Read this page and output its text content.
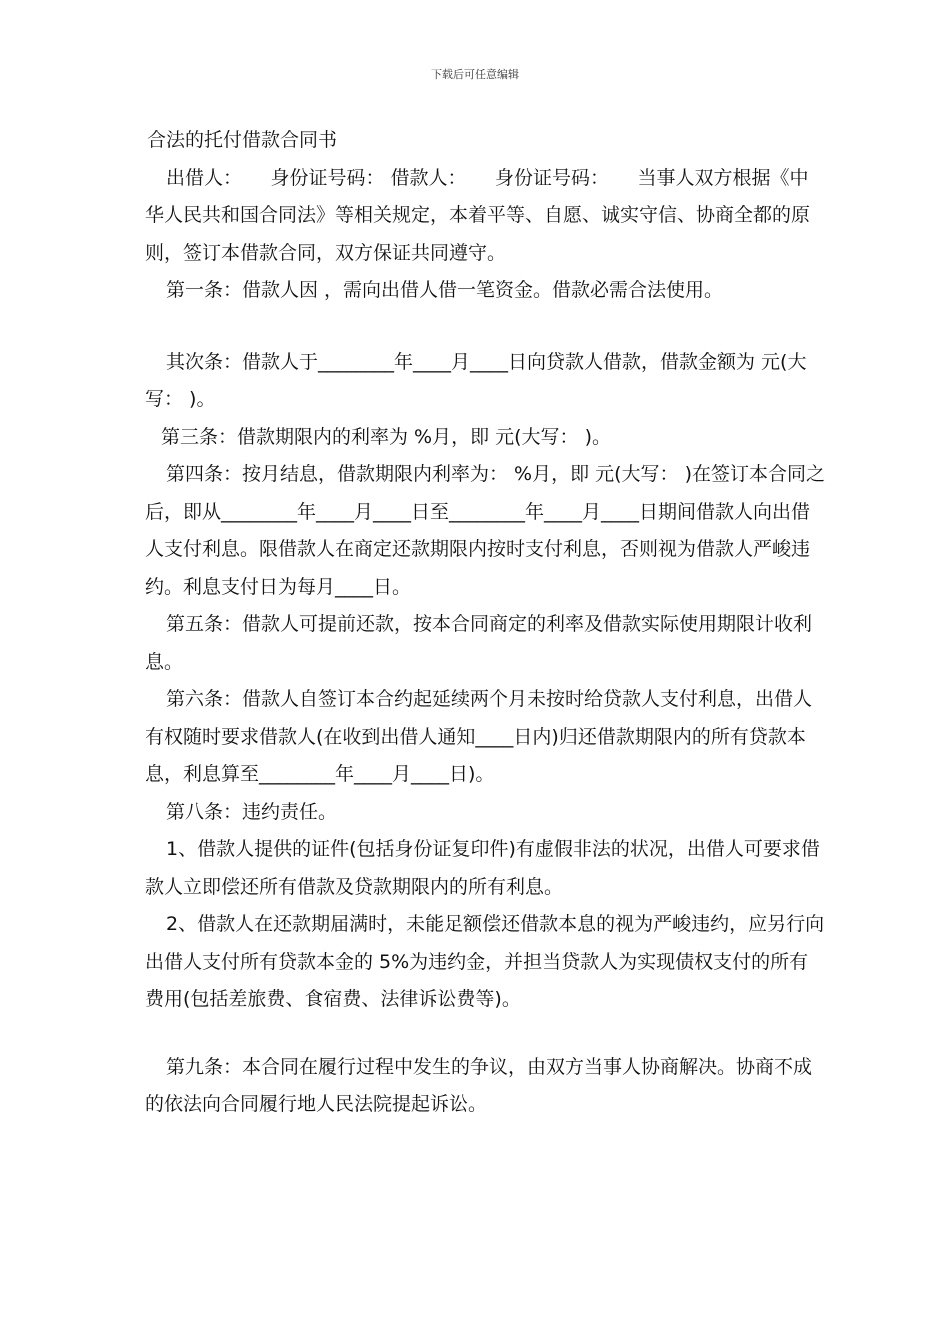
下载后可任意编辑

合法的托付借款合同书

出借人：　　身份证号码： 借款人：　　身份证号码：　　当事人双方根据《中华人民共和国合同法》等相关规定，本着平等、自愿、诚实守信、协商全都的原则，签订本借款合同，双方保证共同遵守。

第一条：借款人因 ，需向出借人借一笔资金。借款必需合法使用。

其次条：借款人于________年____月____日向贷款人借款，借款金额为 元(大写： )。

第三条：借款期限内的利率为 %月，即 元(大写： )。

第四条：按月结息，借款期限内利率为： %月，即 元(大写： )在签订本合同之后，即从________年____月____日至________年____月____日期间借款人向出借人支付利息。限借款人在商定还款期限内按时支付利息，否则视为借款人严峻违约。利息支付日为每月____日。

第五条：借款人可提前还款，按本合同商定的利率及借款实际使用期限计收利息。

第六条：借款人自签订本合约起延续两个月未按时给贷款人支付利息，出借人有权随时要求借款人(在收到出借人通知____日内)归还借款期限内的所有贷款本息，利息算至________年____月____日)。

第八条：违约责任。

1、借款人提供的证件(包括身份证复印件)有虚假非法的状况，出借人可要求借款人立即偿还所有借款及贷款期限内的所有利息。

2、借款人在还款期届满时，未能足额偿还借款本息的视为严峻违约，应另行向出借人支付所有贷款本金的 5%为违约金，并担当贷款人为实现债权支付的所有费用(包括差旅费、食宿费、法律诉讼费等)。

第九条：本合同在履行过程中发生的争议，由双方当事人协商解决。协商不成的依法向合同履行地人民法院提起诉讼。
